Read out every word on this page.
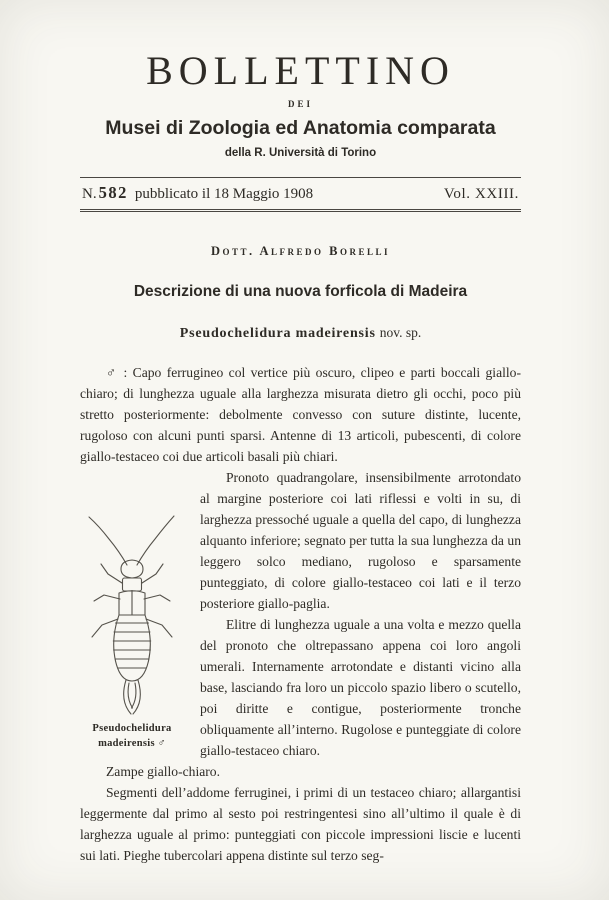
BOLLETTINO
DEI
Musei di Zoologia ed Anatomia comparata
della R. Università di Torino
N. 582 pubblicato il 18 Maggio 1908	Vol. XXIII.
Dott. Alfredo Borelli
Descrizione di una nuova forficola di Madeira
Pseudochelidura madeirensis nov. sp.

♂ : Capo ferrugineo col vertice più oscuro, clipeo e parti boccali giallo-chiaro; di lunghezza uguale alla larghezza misurata dietro gli occhi, poco più stretto posteriormente: debolmente convesso con suture distinte, lucente, rugoloso con alcuni punti sparsi. Antenne di 13 articoli, pubescenti, di colore giallo-testaceo coi due articoli basali più chiari.

Pseudochelidura
madeirensis ♂
Pronoto quadrangolare, insensibilmente arrotondato al margine posteriore coi lati riflessi e volti in su, di larghezza pressoché uguale a quella del capo, di lunghezza alquanto inferiore; segnato per tutta la sua lunghezza da un leggero solco mediano, rugoloso e sparsamente punteggiato, di colore giallo-testaceo coi lati e il terzo posteriore giallo-paglia.

Elitre di lunghezza uguale a una volta e mezzo quella del pronoto che oltrepassano appena coi loro angoli umerali. Internamente arrotondate e distanti vicino alla base, lasciando fra loro un piccolo spazio libero o scutello, poi diritte e contigue, posteriormente tronche obliquamente all’interno. Rugolose e punteggiate di colore giallo-testaceo chiaro.

Zampe giallo-chiaro.

Segmenti dell’addome ferruginei, i primi di un testaceo chiaro; allargantisi leggermente dal primo al sesto poi restringentesi sino all’ultimo il quale è di larghezza uguale al primo: punteggiati con piccole impressioni liscie e lucenti sui lati. Pieghe tubercolari appena distinte sul terzo seg-
